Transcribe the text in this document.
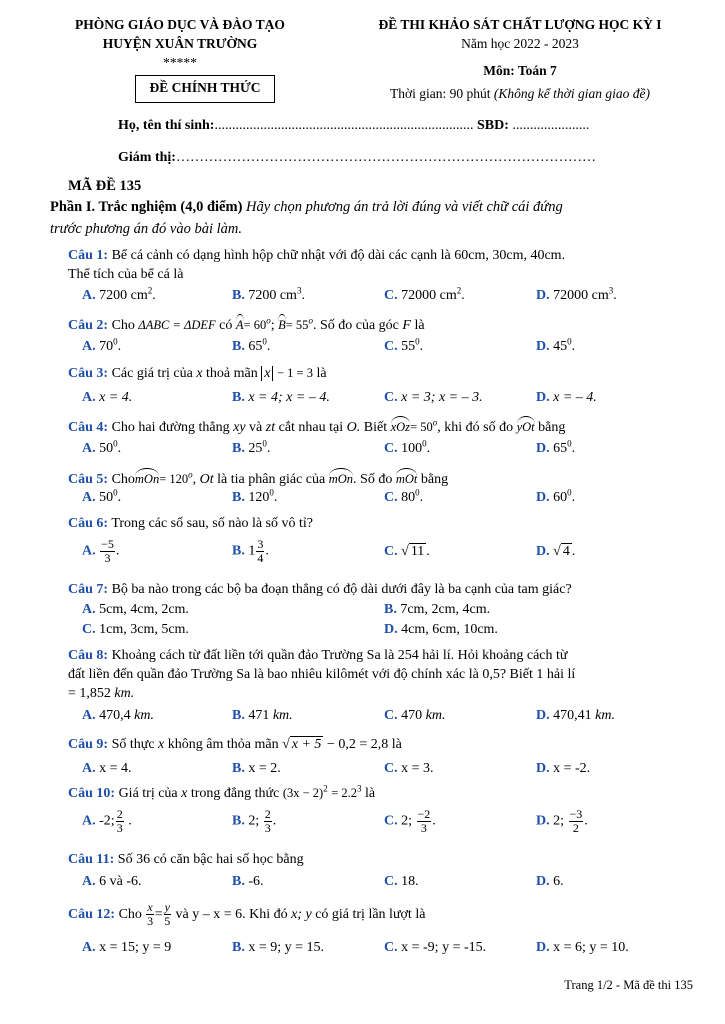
PHÒNG GIÁO DỤC VÀ ĐÀO TẠO
HUYỆN XUÂN TRƯỜNG
*****
ĐỀ CHÍNH THỨC
ĐỀ THI KHẢO SÁT CHẤT LƯỢNG HỌC KỲ I
Năm học 2022 - 2023
Môn: Toán 7
Thời gian: 90 phút (Không kể thời gian giao đề)
Họ, tên thí sinh:.......................................................................... SBD: ......................
Giám thị:………………………………………………………………………………
MÃ ĐỀ 135
Phần I. Trắc nghiệm (4,0 điểm) Hãy chọn phương án trả lời đúng và viết chữ cái đứng
trước phương án đó vào bài làm.
Câu 1: Bể cá cảnh có dạng hình hộp chữ nhật với độ dài các cạnh là 60cm, 30cm, 40cm.
Thể tích của bể cá là
A. 7200 $cm^2$.	B. 7200 $cm^3$.	C. 72000 $cm^2$.	D. 72000 $cm^3$.
Câu 2: Cho ΔABC = ΔDEF có $A= 60^o$; $B= 55^o$. Số đo của góc F là
A. $70^0$.	B. $65^0$.	C. $55^0$.	D. $45^0$.
Câu 3: Các giá trị của x thoả mãn x − 1 = 3 là
A. x = 4.	B. x = 4; x = – 4.	C. x = 3; x = – 3.	D. x = – 4.
Câu 4: Cho hai đường thẳng xy và zt cắt nhau tại O. Biết $xOz= 50^o$, khi đó số đo yOt bằng
A. $50^0$.	B. $25^0$.	C. $100^0$.	D. $65^0$.
Câu 5: ChomOn= $120^o$, Ot là tia phân giác của mOn. Số đo mOt bằng
A. $50^0$.	B. $120^0$.	C. $80^0$.	D. $60^0$.
Câu 6: Trong các số sau, số nào là số vô tỉ?
A. $\frac{-5}{3}$ .	B. $1 \frac{3}{4}$ .	C. √ 11 .	D. √ 4 .
Câu 7: Bộ ba nào trong các bộ ba đoạn thẳng có độ dài dưới đây là ba cạnh của tam giác?
A. 5cm, 4cm, 2cm.	B. 7cm, 2cm, 4cm.
C. 1cm, 3cm, 5cm.	D. 4cm, 6cm, 10cm.
Câu 8: Khoảng cách từ đất liền tới quần đảo Trường Sa là 254 hải lí. Hỏi khoảng cách từ
đất liền đến quần đảo Trường Sa là bao nhiêu kilômét với độ chính xác là 0,5? Biết 1 hải lí
= 1,852 km.
A. 470,4 km.	B. 471 km.	C. 470 km.	D. 470,41 km.
Câu 9: Số thực x không âm thỏa mãn √ x + 5 − 0,2 = 2,8 là
A. x = 4.	B. x = 2.	C. x = 3.	D. x = -2.
Câu 10: Giá trị của x trong đẳng thức $(3x - 2)^2 = 2.2^3$ là
A. -2; $\frac{2}{3}$ .	B. 2; $\frac{2}{3}$ .	C. 2; $\frac{-2}{3}$ .	D. 2; $\frac{-3}{2}$ .
Câu 11: Số 36 có căn bậc hai số học bằng
A. 6 và -6.	B. -6.	C. 18.	D. 6.
Câu 12: Cho $\frac{x}{3} = \frac{y}{5}$ và y – x = 6. Khi đó x; y có giá trị lần lượt là
A. x = 15; y = 9	B. x = 9; y = 15.	C. x = -9; y = -15.	D. x = 6; y = 10.
Trang 1/2 - Mã đề thi 135
